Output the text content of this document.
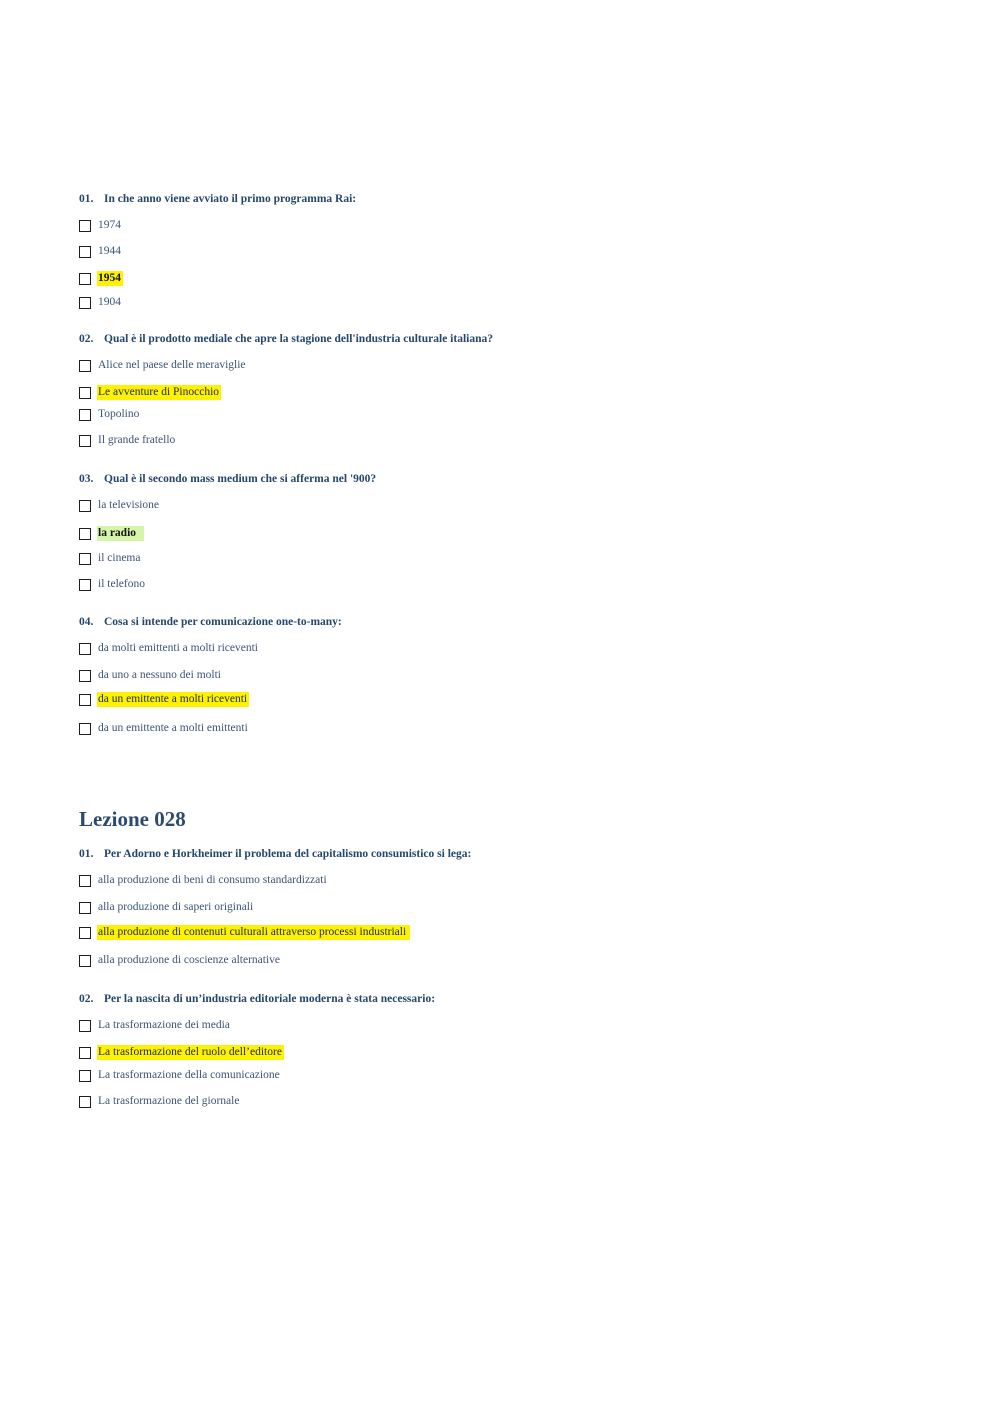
01. In che anno viene avviato il primo programma Rai:
1974
1944
1954
1904
02. Qual è il prodotto mediale che apre la stagione dell'industria culturale italiana?
Alice nel paese delle meraviglie
Le avventure di Pinocchio
Topolino
Il grande fratello
03. Qual è il secondo mass medium che si afferma nel '900?
la televisione
la radio
il cinema
il telefono
04. Cosa si intende per comunicazione one-to-many:
da molti emittenti a molti riceventi
da uno a nessuno dei molti
da un emittente a molti riceventi
da un emittente a molti emittenti
Lezione 028
01. Per Adorno e Horkheimer il problema del capitalismo consumistico si lega:
alla produzione di beni di consumo standardizzati
alla produzione di saperi originali
alla produzione di contenuti culturali attraverso processi industriali
alla produzione di coscienze alternative
02. Per la nascita di un’industria editoriale moderna è stata necessario:
La trasformazione dei media
La trasformazione del ruolo dell’editore
La trasformazione della comunicazione
La trasformazione del giornale
